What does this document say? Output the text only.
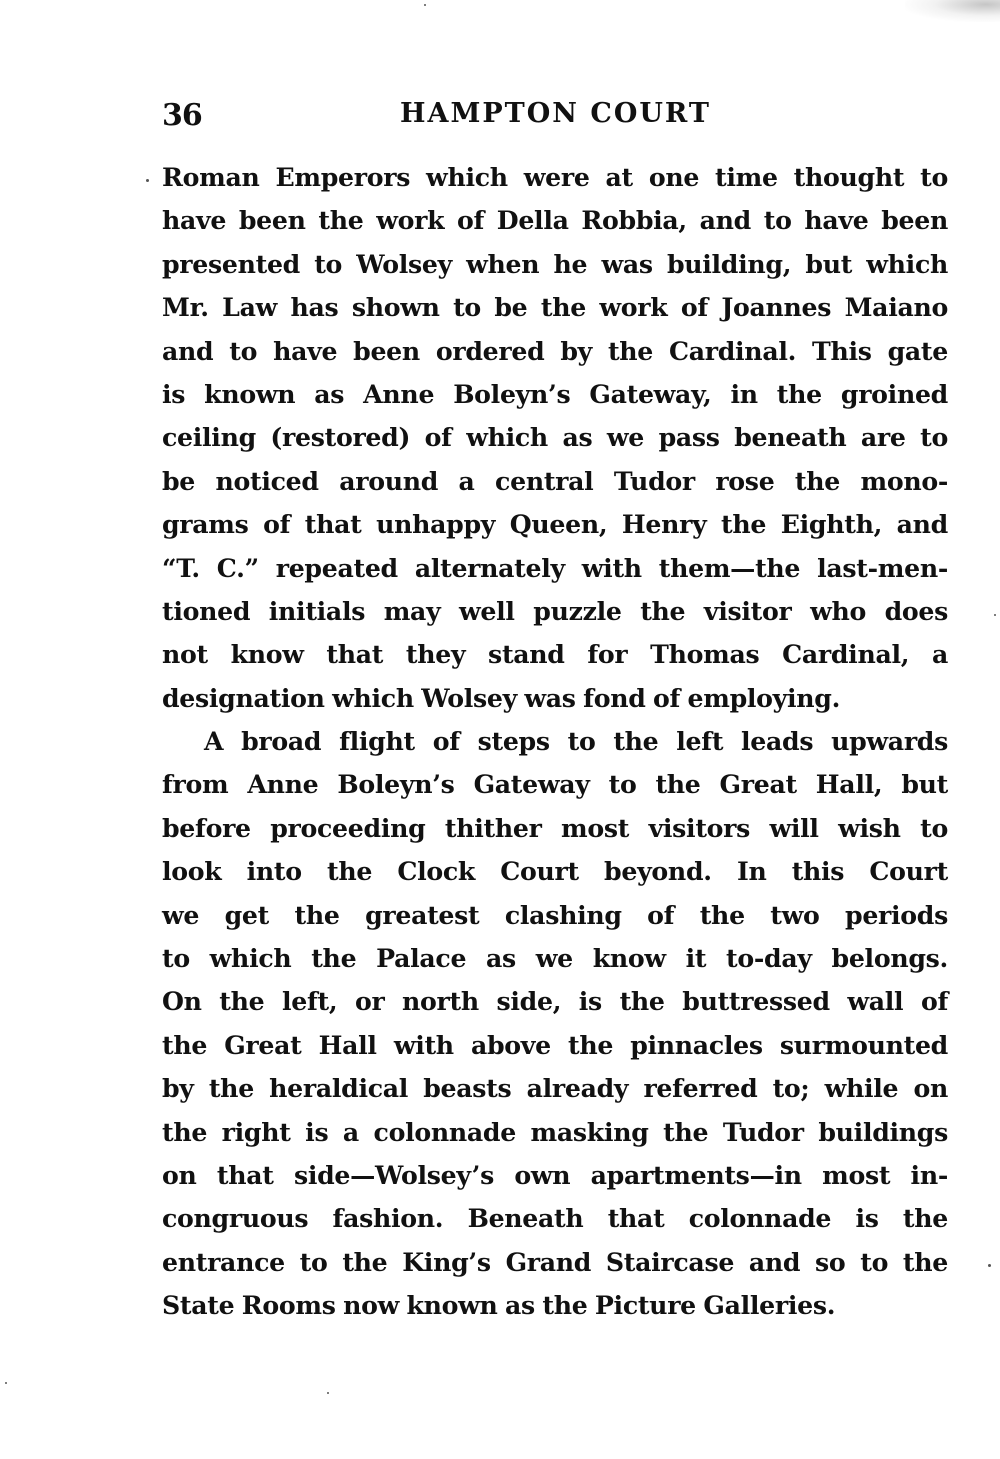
36	HAMPTON COURT
Roman Emperors which were at one time thought to
have been the work of Della Robbia, and to have been
presented to Wolsey when he was building, but which
Mr. Law has shown to be the work of Joannes Maiano
and to have been ordered by the Cardinal. This gate
is known as Anne Boleyn’s Gateway, in the groined
ceiling (restored) of which as we pass beneath are to
be noticed around a central Tudor rose the mono-
grams of that unhappy Queen, Henry the Eighth, and
“T. C.” repeated alternately with them—the last-men-
tioned initials may well puzzle the visitor who does
not know that they stand for Thomas Cardinal, a
designation which Wolsey was fond of employing.
A broad flight of steps to the left leads upwards
from Anne Boleyn’s Gateway to the Great Hall, but
before proceeding thither most visitors will wish to
look into the Clock Court beyond. In this Court
we get the greatest clashing of the two periods
to which the Palace as we know it to-day belongs.
On the left, or north side, is the buttressed wall of
the Great Hall with above the pinnacles surmounted
by the heraldical beasts already referred to; while on
the right is a colonnade masking the Tudor buildings
on that side—Wolsey’s own apartments—in most in-
congruous fashion. Beneath that colonnade is the
entrance to the King’s Grand Staircase and so to the
State Rooms now known as the Picture Galleries.
